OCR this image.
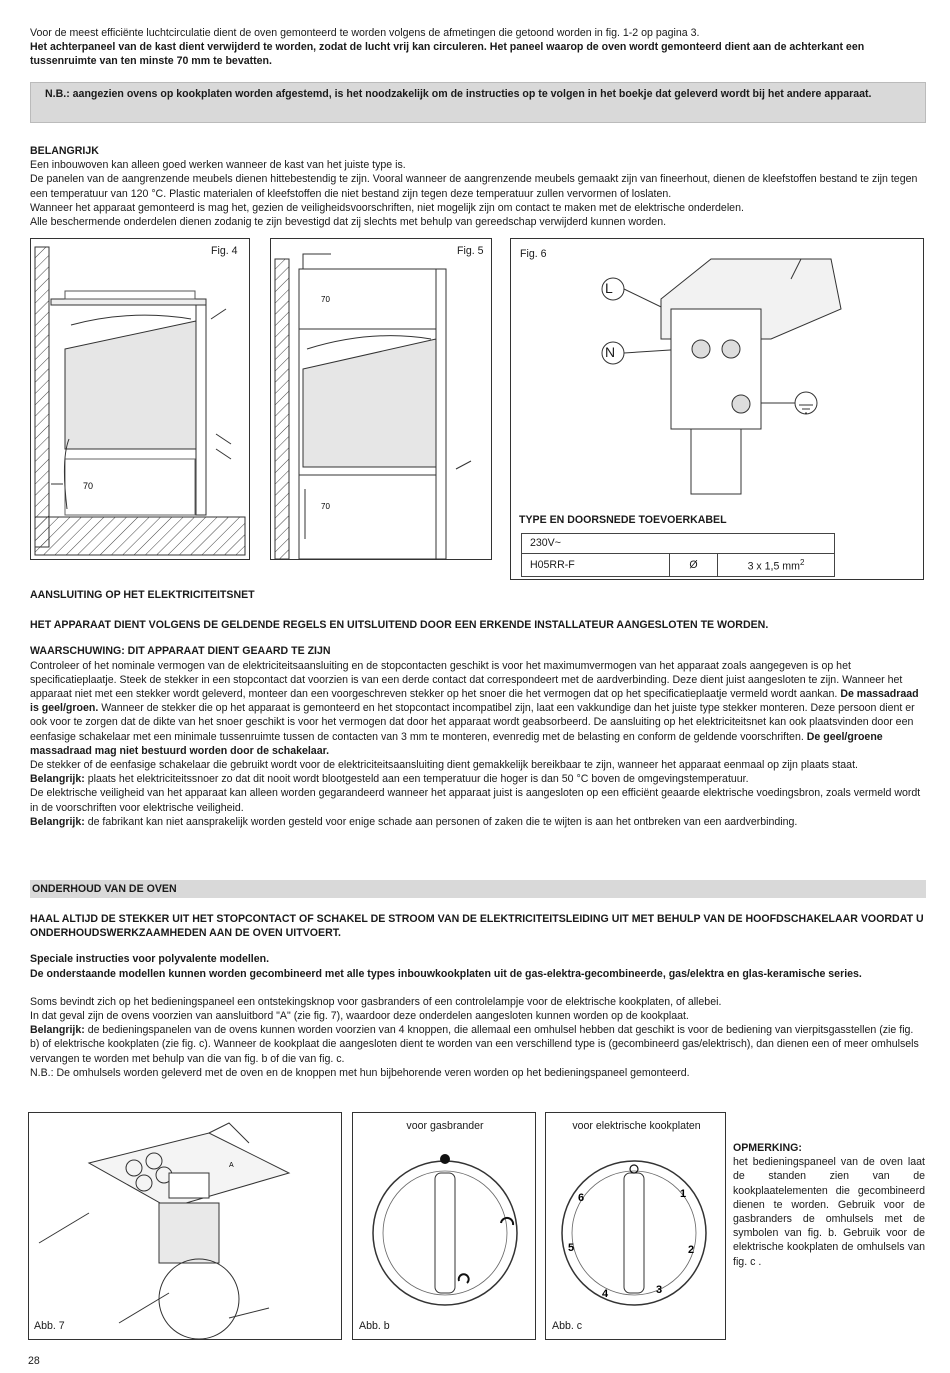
Voor de meest efficiënte luchtcirculatie dient de oven gemonteerd te worden volgens de afmetingen die getoond worden in fig. 1-2 op pagina 3.

Het achterpaneel van de kast dient verwijderd te worden, zodat de lucht vrij kan circuleren. Het paneel waarop de oven wordt gemonteerd dient aan de achterkant een tussenruimte van ten minste 70 mm te bevatten.

N.B.: aangezien ovens op kookplaten worden afgestemd, is het noodzakelijk om de instructies op te volgen in het boekje dat geleverd wordt bij het andere apparaat.

BELANGRIJK

Een inbouwoven kan alleen goed werken wanneer de kast van het juiste type is.

De panelen van de aangrenzende meubels dienen hittebestendig te zijn. Vooral wanneer de aangrenzende meubels gemaakt zijn van fineerhout, dienen de kleefstoffen bestand te zijn tegen een temperatuur van 120 °C. Plastic materialen of kleefstoffen die niet bestand zijn tegen deze temperatuur zullen vervormen of loslaten.

Wanneer het apparaat gemonteerd is mag het, gezien de veiligheidsvoorschriften, niet mogelijk zijn om contact te maken met de elektrische onderdelen.

Alle beschermende onderdelen dienen zodanig te zijn bevestigd dat zij slechts met behulp van gereedschap verwijderd kunnen worden.

Fig. 4
70
Fig. 5
70
70
Fig. 6
L
N

TYPE EN DOORSNEDE TOEVOERKABEL

230V~
H05RR-F	Ø	3 x 1,5 $mm^2$

AANSLUITING OP HET ELEKTRICITEITSNET

HET APPARAAT DIENT VOLGENS DE GELDENDE REGELS EN UITSLUITEND DOOR EEN ERKENDE INSTALLATEUR AANGESLOTEN TE WORDEN.

WAARSCHUWING: DIT APPARAAT DIENT GEAARD TE ZIJN

Controleer of het nominale vermogen van de elektriciteitsaansluiting en de stopcontacten geschikt is voor het maximumvermogen van het apparaat zoals aangegeven is op het specificatieplaatje. Steek de stekker in een stopcontact dat voorzien is van een derde contact dat correspondeert met de aardverbinding. Deze dient juist aangesloten te zijn. Wanneer het apparaat niet met een stekker wordt geleverd, monteer dan een voorgeschreven stekker op het snoer die het vermogen dat op het specificatieplaatje vermeld wordt aankan. De massadraad is geel/groen. Wanneer de stekker die op het apparaat is gemonteerd en het stopcontact incompatibel zijn, laat een vakkundige dan het juiste type stekker monteren. Deze persoon dient er ook voor te zorgen dat de dikte van het snoer geschikt is voor het vermogen dat door het apparaat wordt geabsorbeerd. De aansluiting op het elektriciteitsnet kan ook plaatsvinden door een eenfasige schakelaar met een minimale tussenruimte tussen de contacten van 3 mm te monteren, evenredig met de belasting en conform de geldende voorschriften. De geel/groene massadraad mag niet bestuurd worden door de schakelaar.

De stekker of de eenfasige schakelaar die gebruikt wordt voor de elektriciteitsaansluiting dient gemakkelijk bereikbaar te zijn, wanneer het apparaat eenmaal op zijn plaats staat.

Belangrijk: plaats het elektriciteitssnoer zo dat dit nooit wordt blootgesteld aan een temperatuur die hoger is dan 50 °C boven de omgevingstemperatuur.

De elektrische veiligheid van het apparaat kan alleen worden gegarandeerd wanneer het apparaat juist is aangesloten op een efficiënt geaarde elektrische voedingsbron, zoals vermeld wordt in de voorschriften voor elektrische veiligheid.

Belangrijk: de fabrikant kan niet aansprakelijk worden gesteld voor enige schade aan personen of zaken die te wijten is aan het ontbreken van een aardverbinding.

ONDERHOUD VAN DE OVEN

HAAL ALTIJD DE STEKKER UIT HET STOPCONTACT OF SCHAKEL DE STROOM VAN DE ELEKTRICITEITSLEIDING UIT MET BEHULP VAN DE HOOFDSCHAKELAAR VOORDAT U ONDERHOUDSWERKZAAMHEDEN AAN DE OVEN UITVOERT.

Speciale instructies voor polyvalente modellen.

De onderstaande modellen kunnen worden gecombineerd met alle types inbouwkookplaten uit de gas-elektra-gecombineerde, gas/elektra en glas-keramische series.

Soms bevindt zich op het bedieningspaneel een ontstekingsknop voor gasbranders of een controlelampje voor de elektrische kookplaten, of allebei.

In dat geval zijn de ovens voorzien van aansluitbord "A" (zie fig. 7), waardoor deze onderdelen aangesloten kunnen worden op de kookplaat.

Belangrijk: de bedieningspanelen van de ovens kunnen worden voorzien van 4 knoppen, die allemaal een omhulsel hebben dat geschikt is voor de bediening van vierpitsgasstellen (zie fig. b) of elektrische kookplaten (zie fig. c). Wanneer de kookplaat die aangesloten dient te worden van een verschillend type is (gecombineerd gas/elektrisch), dan dienen een of meer omhulsels vervangen te worden met behulp van die van fig. b of die van fig. c.

N.B.: De omhulsels worden geleverd met de oven en de knoppen met hun bijbehorende veren worden op het bedieningspaneel gemonteerd.

A
Abb. 7

voor gasbrander

Abb. b

voor elektrische kookplaten

1
2
3
4
5
6
Abb. c

OPMERKING:

het bedieningspaneel van de oven laat de standen zien van de kookplaatelementen die gecombineerd dienen te worden. Gebruik voor de gasbranders de omhulsels met de symbolen van fig. b. Gebruik voor de elektrische kookplaten de omhulsels van fig. c .

28
